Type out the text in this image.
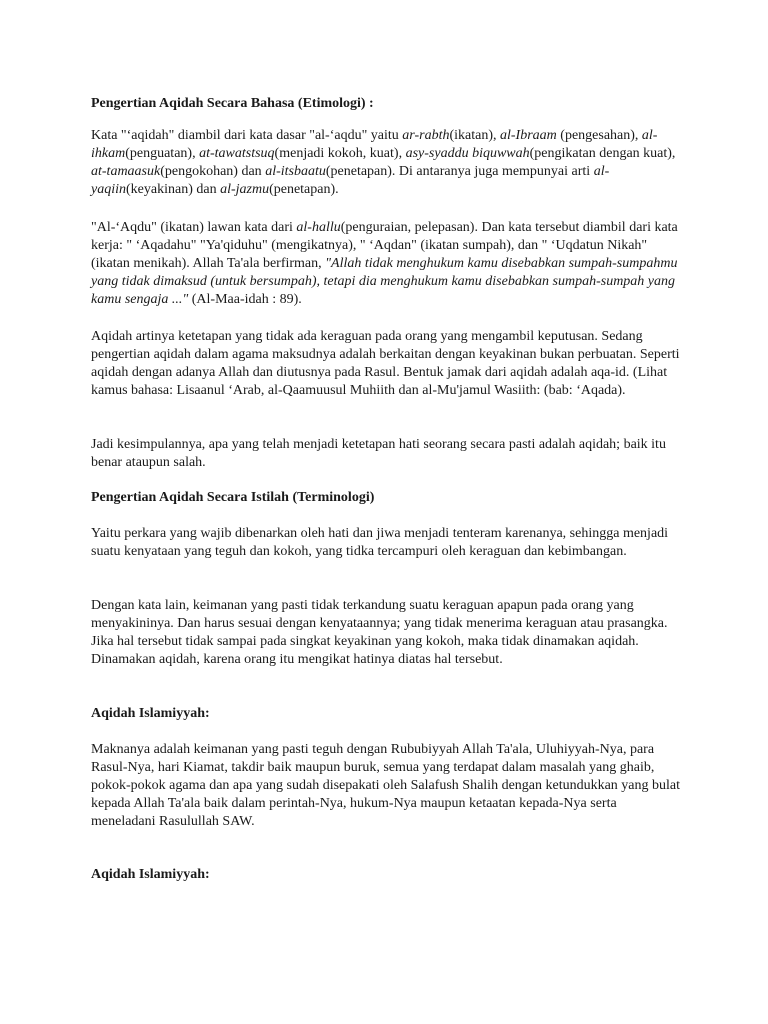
Pengertian Aqidah Secara Bahasa (Etimologi) :

Kata "‘aqidah" diambil dari kata dasar "al-‘aqdu" yaitu ar-rabth(ikatan), al-Ibraam (pengesahan), al-ihkam(penguatan), at-tawatstsuq(menjadi kokoh, kuat), asy-syaddu biquwwah(pengikatan dengan kuat), at-tamaasuk(pengokohan) dan al-itsbaatu(penetapan). Di antaranya juga mempunyai arti al-yaqiin(keyakinan) dan al-jazmu(penetapan).

"Al-‘Aqdu" (ikatan) lawan kata dari al-hallu(penguraian, pelepasan). Dan kata tersebut diambil dari kata kerja: " ‘Aqadahu" "Ya'qiduhu" (mengikatnya), " ‘Aqdan" (ikatan sumpah), dan " ‘Uqdatun Nikah" (ikatan menikah). Allah Ta'ala berfirman, "Allah tidak menghukum kamu disebabkan sumpah-sumpahmu yang tidak dimaksud (untuk bersumpah), tetapi dia menghukum kamu disebabkan sumpah-sumpah yang kamu sengaja ..." (Al-Maa-idah : 89).

Aqidah artinya ketetapan yang tidak ada keraguan pada orang yang mengambil keputusan. Sedang pengertian aqidah dalam agama maksudnya adalah berkaitan dengan keyakinan bukan perbuatan. Seperti aqidah dengan adanya Allah dan diutusnya pada Rasul. Bentuk jamak dari aqidah adalah aqa-id. (Lihat kamus bahasa: Lisaanul ‘Arab, al-Qaamuusul Muhiith dan al-Mu'jamul Wasiith: (bab: ‘Aqada).

Jadi kesimpulannya, apa yang telah menjadi ketetapan hati seorang secara pasti adalah aqidah; baik itu benar ataupun salah.

Pengertian Aqidah Secara Istilah (Terminologi)

Yaitu perkara yang wajib dibenarkan oleh hati dan jiwa menjadi tenteram karenanya, sehingga menjadi suatu kenyataan yang teguh dan kokoh, yang tidka tercampuri oleh keraguan dan kebimbangan.

Dengan kata lain, keimanan yang pasti tidak terkandung suatu keraguan apapun pada orang yang menyakininya. Dan harus sesuai dengan kenyataannya; yang tidak menerima keraguan atau prasangka. Jika hal tersebut tidak sampai pada singkat keyakinan yang kokoh, maka tidak dinamakan aqidah. Dinamakan aqidah, karena orang itu mengikat hatinya diatas hal tersebut.

Aqidah Islamiyyah:

Maknanya adalah keimanan yang pasti teguh dengan Rububiyyah Allah Ta'ala, Uluhiyyah-Nya, para Rasul-Nya, hari Kiamat, takdir baik maupun buruk, semua yang terdapat dalam masalah yang ghaib, pokok-pokok agama dan apa yang sudah disepakati oleh Salafush Shalih dengan ketundukkan yang bulat kepada Allah Ta'ala baik dalam perintah-Nya, hukum-Nya maupun ketaatan kepada-Nya serta meneladani Rasulullah SAW.

Aqidah Islamiyyah:
